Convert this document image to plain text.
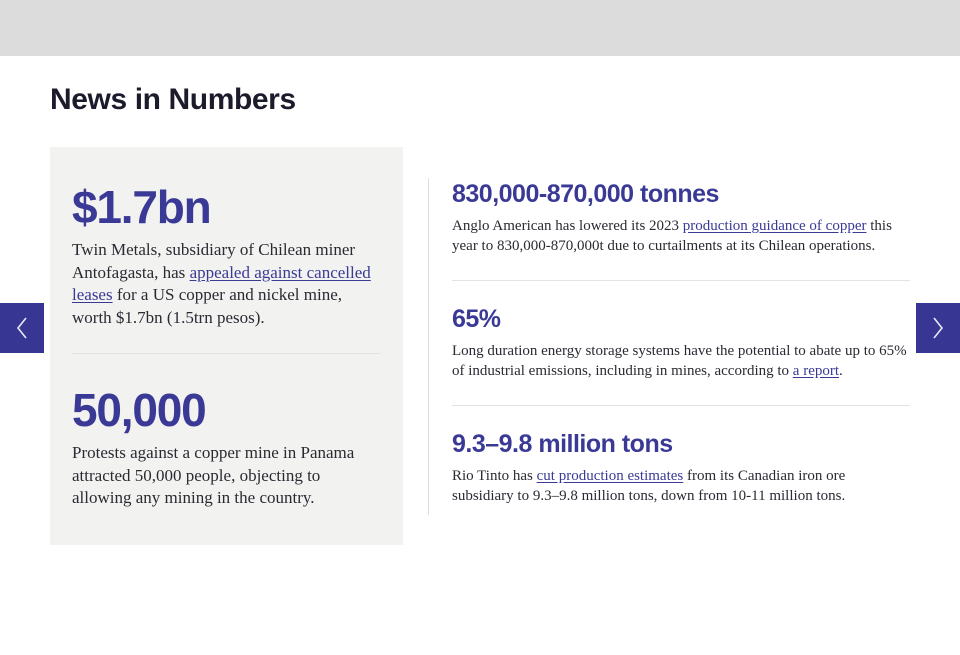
News in Numbers
$1.7bn

Twin Metals, subsidiary of Chilean miner Antofagasta, has appealed against cancelled leases for a US copper and nickel mine, worth $1.7bn (1.5trn pesos).

50,000

Protests against a copper mine in Panama attracted 50,000 people, objecting to allowing any mining in the country.

830,000-870,000 tonnes

Anglo American has lowered its 2023 production guidance of copper this year to 830,000-870,000t due to curtailments at its Chilean operations.

65%

Long duration energy storage systems have the potential to abate up to 65% of industrial emissions, including in mines, according to a report.

9.3–9.8 million tons

Rio Tinto has cut production estimates from its Canadian iron ore subsidiary to 9.3–9.8 million tons, down from 10-11 million tons.
